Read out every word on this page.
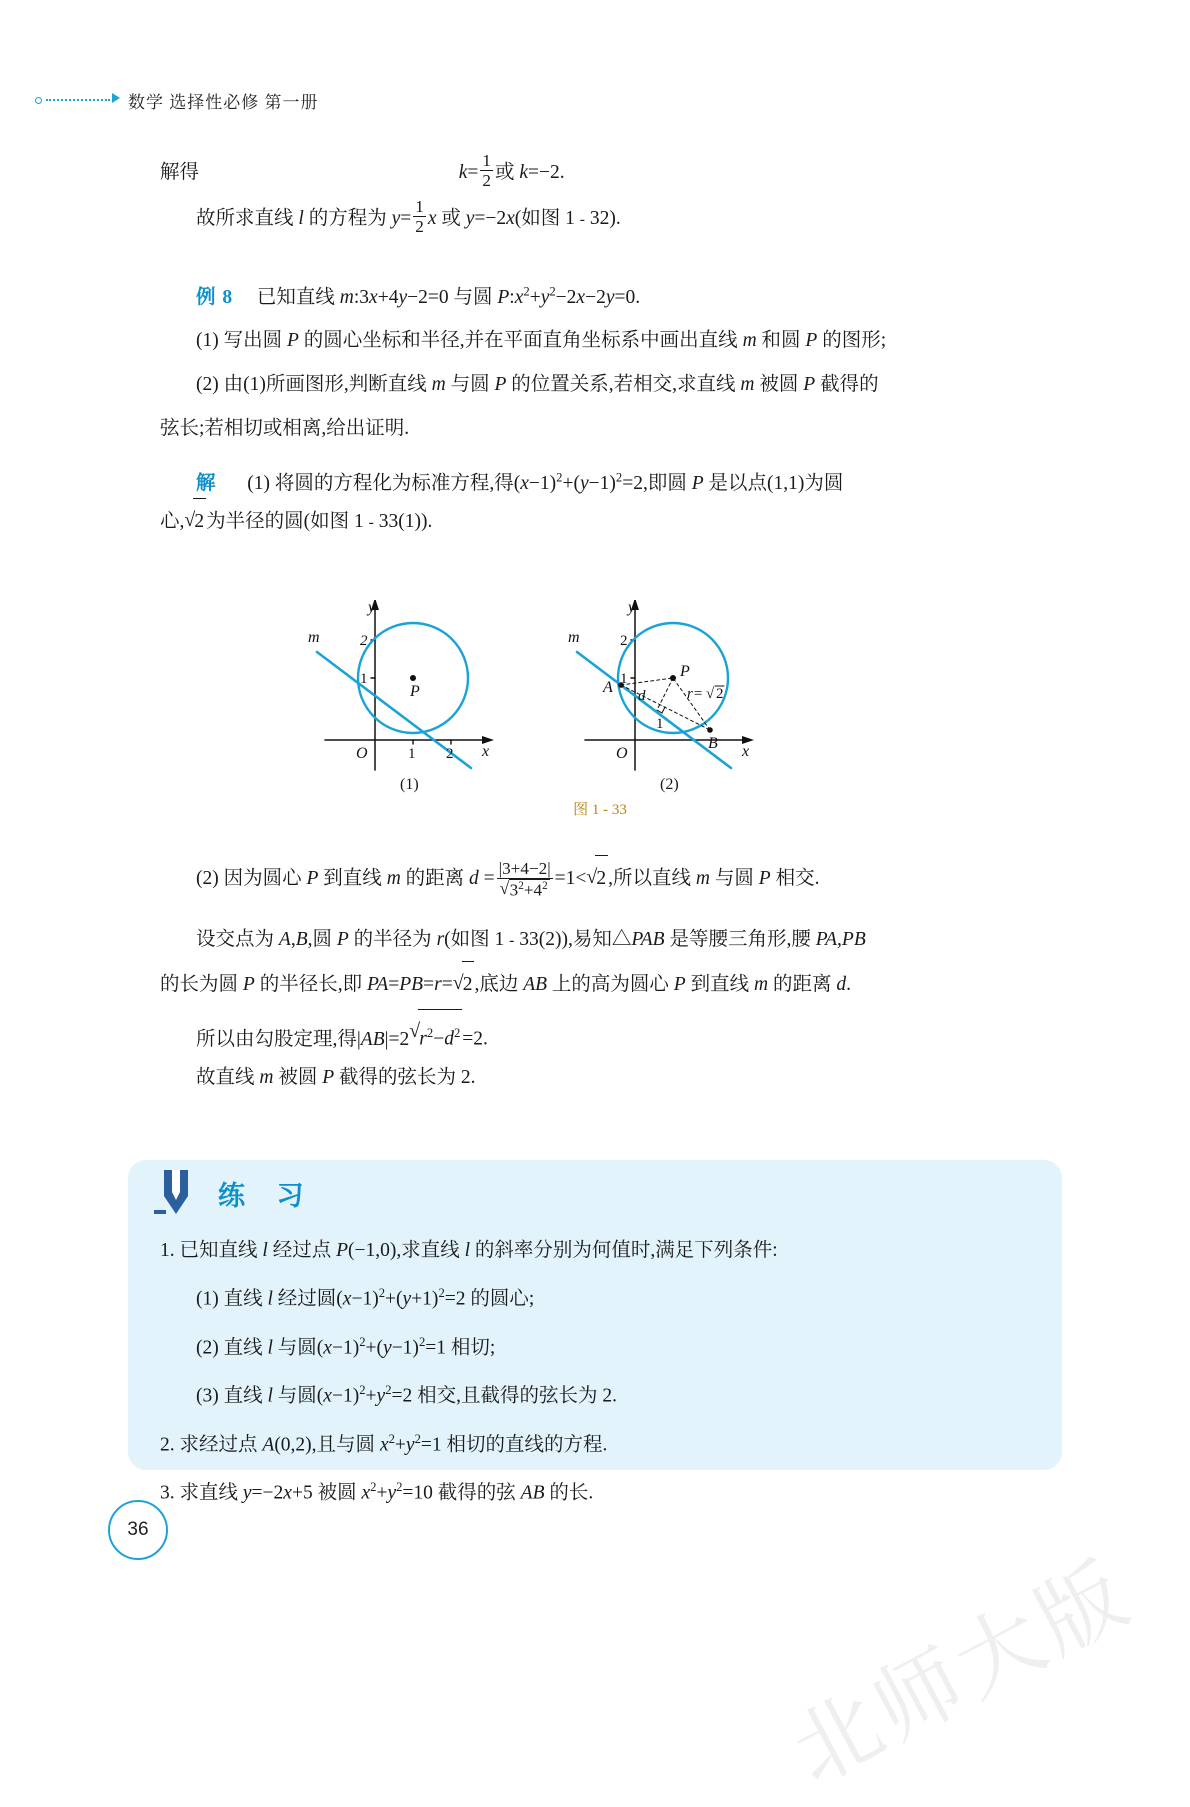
数学 选择性必修 第一册
解得	$k= \frac{1}{2}$ 或 k=−2.
故所求直线 l 的方程为 $y= \frac{1}{2}$ x 或 y=−2x(如图 1 - 32).
例 8 已知直线 m:3x+4y−2=0 与圆 $P:x^2+y^2-2x-2y=0$.
(1) 写出圆 P 的圆心坐标和半径,并在平面直角坐标系中画出直线 m 和圆 P 的图形;
(2) 由(1)所画图形,判断直线 m 与圆 P 的位置关系,若相交,求直线 m 被圆 P 截得的
弦长;若相切或相离,给出证明.
解 (1) 将圆的方程化为标准方程,得$(x-1)^2+(y-1)^2=2$,即圆 P 是以点(1,1)为圆
心, √ 2 为半径的圆(如图 1 - 33(1)).
2
1
1 2
O
y
x
m
P
2
1
1
O
y
x
m
P
A
B
d	r= √ 2
(1)	(2)
图 1 - 33
(2) 因为圆心 P 到直线 m 的距离 d = |3+4−2|
√ $3^2+4^2 =1<$ √ 2 ,所以直线 m 与圆 P 相交.
设交点为 A,B,圆 P 的半径为 r(如图 1 - 33(2)),易知△PAB 是等腰三角形,腰 PA,PB
的长为圆 P 的半径长,即 PA=PB=r= √ 2 ,底边 AB 上的高为圆心 P 到直线 m 的距离 d.
所以由勾股定理,得|AB|=2 √ $r^2-d^2 =2$.
故直线 m 被圆 P 截得的弦长为 2.
练 习
1. 已知直线 l 经过点 P(−1,0),求直线 l 的斜率分别为何值时,满足下列条件:
(1) 直线 l 经过圆$(x-1)^2+(y+1)^2=2$ 的圆心;
(2) 直线 l 与圆$(x-1)^2+(y-1)^2=1$ 相切;
(3) 直线 l 与圆$(x-1)^2+y^2=2$ 相交,且截得的弦长为 2.
2. 求经过点 A(0,2),且与圆 $x^2+y^2=1$ 相切的直线的方程.
3. 求直线 y=−2x+5 被圆 $x^2+y^2=10$ 截得的弦 AB 的长.
36
北师大版
